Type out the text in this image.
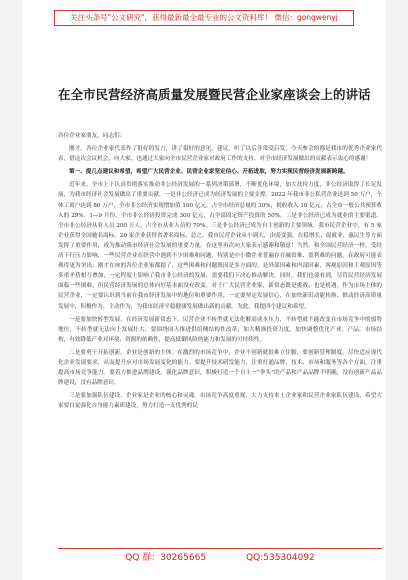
关注头条号"公文研究"，获得最新最全最专业的公文资料库！ 微信：gongwenyj
在全市民营经济高质量发展暨民营企业家座谈会上的讲话

各位企业家朋友，同志们：

刚才，各位企业家代表作了很好的发言，讲了很好的意见、建议，听了以后非常受启发。今天参会的都是我市的优秀企业家代表，借这次会议机会，向大家，也通过大家向全市民营企业家对政府工作的支持、对全市经济发展做出的贡献表示衷心的感谢！

第一、提几点建议和希望，希望广大民营企业、民营企业家坚定信心、开拓进取，努力实现民营经济发展新跨越。

近年来，全市上下认真贯彻落实推动非公经济发展的一系列决策部署，不断优化环境，加大扶持力度，非公经济取得了长足发展，为我市经济社会发展做出了重要贡献。一是非公经济已成为经济发展的主要支撑。2022 年我市非公私营企业达到 50 万户，个体工商户达到 80 万户，全市非公经济实现增加值 100 亿元，占全市经济总量的 30%，税收收入 10 亿元，占全市一般公共预算收入的 29%。1—9 月份，全市非公经济投资完成 300 亿元，占全部固定资产投资的 50%。二是非公经济已成为就业的主要渠道。全市非公经济从业人员 200 万人，占全市从业人员的 70%。三是非公经济已成为自主创新的主要领域。我市民营企业中，有 5 家企业获得全国驰名商标，20 家企业获得省著名商标。总之，我市民营企业从小到大，由弱变强，在稳增长、促就业、惠民生等方面发挥了重要作用，成为推动我市经济社会发展的重要力量。在这里再次向大家表示感谢和敬意！当然，和全国民营经济一样，受经济下行压力影响，一些民营企业在经营中遇到不少困难和问题，特别是中小微企业普遍存在融资难、盈利难的问题。在政府可能表现得更为突出。刚才在座的各位企业家都提了，这些困难和问题既因是多方面的，是外部因素和内部因素，客观原因和主观原因等多重矛盾相互叠加，一定程度上影响了我市非公经济的发展。需要我们下决心推动解决。同时，我们也要看到，尽管民营经济发展面临一些困难，但民营经济发展的总体向好基本面没有改变，对于广大民营企业家，新常态既是挑战，也是机遇。作为市场主体的民营企业，一定要认识到当前在我市经济发展中的地位和重要作用，一定要坚定发展信心，在加快新旧动能转换、推动经济高质量发展中，积极作为、主动作为，为我市经济平稳健康发展做出新的贡献。为此，我提四个建议和希望。

一是要加快转型发展。在经济发展新常态下，民营企业不转型就无法化解高成本压力，不转型就不能改变在市场竞争中的弱势地位，不转型就无法向上发展壮大。要围绕国人推进供给侧结构性改革，加大精准投资力度，加快调整优化产业、产品、市场结构，有效降低产业对环境、资源的依赖性，提高抵御风险的能力和发展的可持续性。

二是要勇于开拓创新。企业是创新的主体。在激烈的市场竞争中，企业不创新就很难立住脚，要创新管理制度。尽快适应现代化企业发展要求，从而提升应对市场发展变化的能力。要提升技术研发能力，注重打通品牌、技术、市场和服务等各个方面，注重提高市场竞争能力。要着力推进品牌建设，强化品牌意识，积极打造一个自主一“拳头”的产品和产品品牌不明确，没有创新产品品牌建设，没有品牌意识。

三是要加强队伍建设。企业家是企业的核心和灵魂。市场竞争高度重视，大力支持本土企业家和民营企业家队伍建设，希望大家要自觉强化自身能力素质建设，努力打造一支优秀的民

QQ 群：30265665	QQ:535304092
